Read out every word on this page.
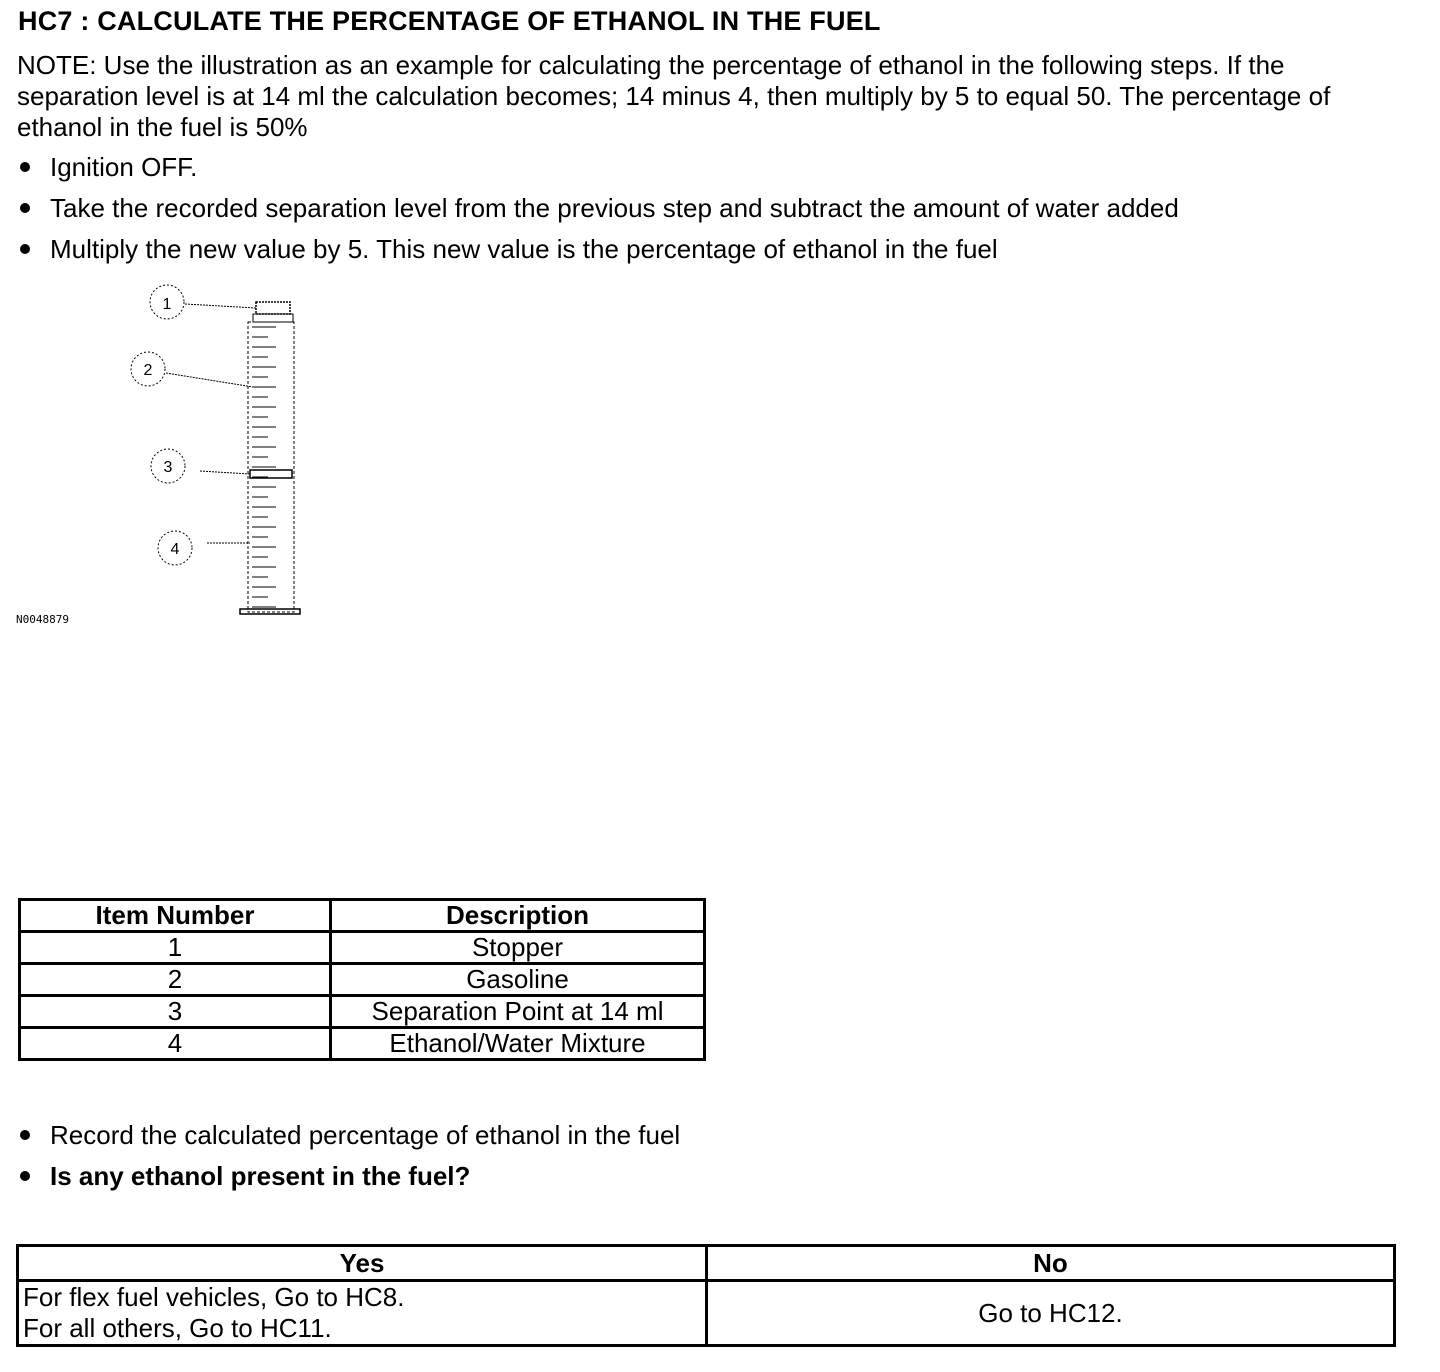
HC7 : CALCULATE THE PERCENTAGE OF ETHANOL IN THE FUEL

NOTE: Use the illustration as an example for calculating the percentage of ethanol in the following steps. If the separation level is at 14 ml the calculation becomes; 14 minus 4, then multiply by 5 to equal 50. The percentage of ethanol in the fuel is 50%

Ignition OFF.
Take the recorded separation level from the previous step and subtract the amount of water added
Multiply the new value by 5. This new value is the percentage of ethanol in the fuel
1
2
3
4
N0048879
Item Number	Description
1	Stopper
2	Gasoline
3	Separation Point at 14 ml
4	Ethanol/Water Mixture
Record the calculated percentage of ethanol in the fuel
Is any ethanol present in the fuel?
Yes	No

For flex fuel vehicles, Go to HC8.
For all others, Go to HC11.	Go to HC12.
